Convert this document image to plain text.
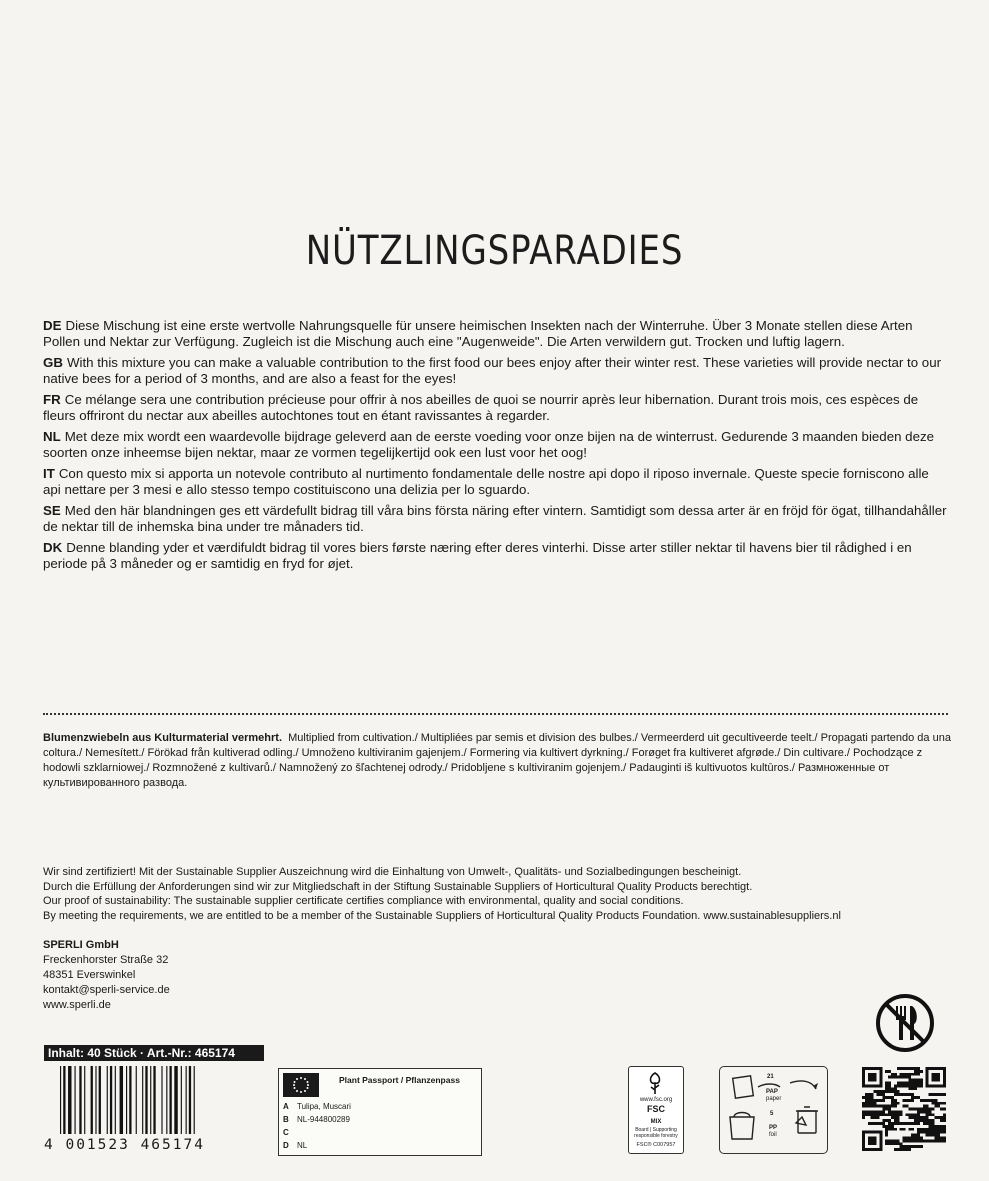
NÜTZLINGSPARADIES

DE Diese Mischung ist eine erste wertvolle Nahrungsquelle für unsere heimischen Insekten nach der Winterruhe. Über 3 Monate stellen diese Arten Pollen und Nektar zur Verfügung. Zugleich ist die Mischung auch eine "Augenweide". Die Arten verwildern gut. Trocken und luftig lagern.

GB With this mixture you can make a valuable contribution to the first food our bees enjoy after their winter rest. These varieties will provide nectar to our native bees for a period of 3 months, and are also a feast for the eyes!

FR Ce mélange sera une contribution précieuse pour offrir à nos abeilles de quoi se nourrir après leur hibernation. Durant trois mois, ces espèces de fleurs offriront du nectar aux abeilles autochtones tout en étant ravissantes à regarder.

NL Met deze mix wordt een waardevolle bijdrage geleverd aan de eerste voeding voor onze bijen na de winterrust. Gedurende 3 maanden bieden deze soorten onze inheemse bijen nektar, maar ze vormen tegelijkertijd ook een lust voor het oog!

IT Con questo mix si apporta un notevole contributo al nurtimento fondamentale delle nostre api dopo il riposo invernale. Queste specie forniscono alle api nettare per 3 mesi e allo stesso tempo costituiscono una delizia per lo sguardo.

SE Med den här blandningen ges ett värdefullt bidrag till våra bins första näring efter vintern. Samtidigt som dessa arter är en fröjd för ögat, tillhandahåller de nektar till de inhemska bina under tre månaders tid.

DK Denne blanding yder et værdifuldt bidrag til vores biers første næring efter deres vinterhi. Disse arter stiller nektar til havens bier til rådighed i en periode på 3 måneder og er samtidig en fryd for øjet.

Blumenzwiebeln aus Kulturmaterial vermehrt. Multiplied from cultivation./ Multipliées par semis et division des bulbes./ Vermeerderd uit gecultiveerde teelt./ Propagati partendo da una coltura./ Nemesített./ Förökad från kultiverad odling./ Umnoženo kultiviranim gajenjem./ Formering via kultivert dyrkning./ Forøget fra kultiveret afgrøde./ Din cultivare./ Pochodzące z hodowli szklarniowej./ Rozmnožené z kultivarů./ Namnožený zo šľachtenej odrody./ Pridobljene s kultiviranim gojenjem./ Padauginti iš kultivuotos kultūros./ Размноженные от культивированного развода.
Wir sind zertifiziert! Mit der Sustainable Supplier Auszeichnung wird die Einhaltung von Umwelt-, Qualitäts- und Sozialbedingungen bescheinigt.
Durch die Erfüllung der Anforderungen sind wir zur Mitgliedschaft in der Stiftung Sustainable Suppliers of Horticultural Quality Products berechtigt.
Our proof of sustainability: The sustainable supplier certificate certifies compliance with environmental, quality and social conditions.
By meeting the requirements, we are entitled to be a member of the Sustainable Suppliers of Horticultural Quality Products Foundation. www.sustainablesuppliers.nl
SPERLI GmbH
Freckenhorster Straße 32
48351 Everswinkel
kontakt@sperli-service.de
www.sperli.de
Inhalt: 40 Stück · Art.-Nr.: 465174
4 001523 465174
Plant Passport / Pflanzenpass
A Tulipa, Muscari
B NL-944800289
C
D NL
www.fsc.org
FSC
MIX
Board | Supporting
responsible forestry
FSC® C007957
21
PAP
paper
5
PP
foil
